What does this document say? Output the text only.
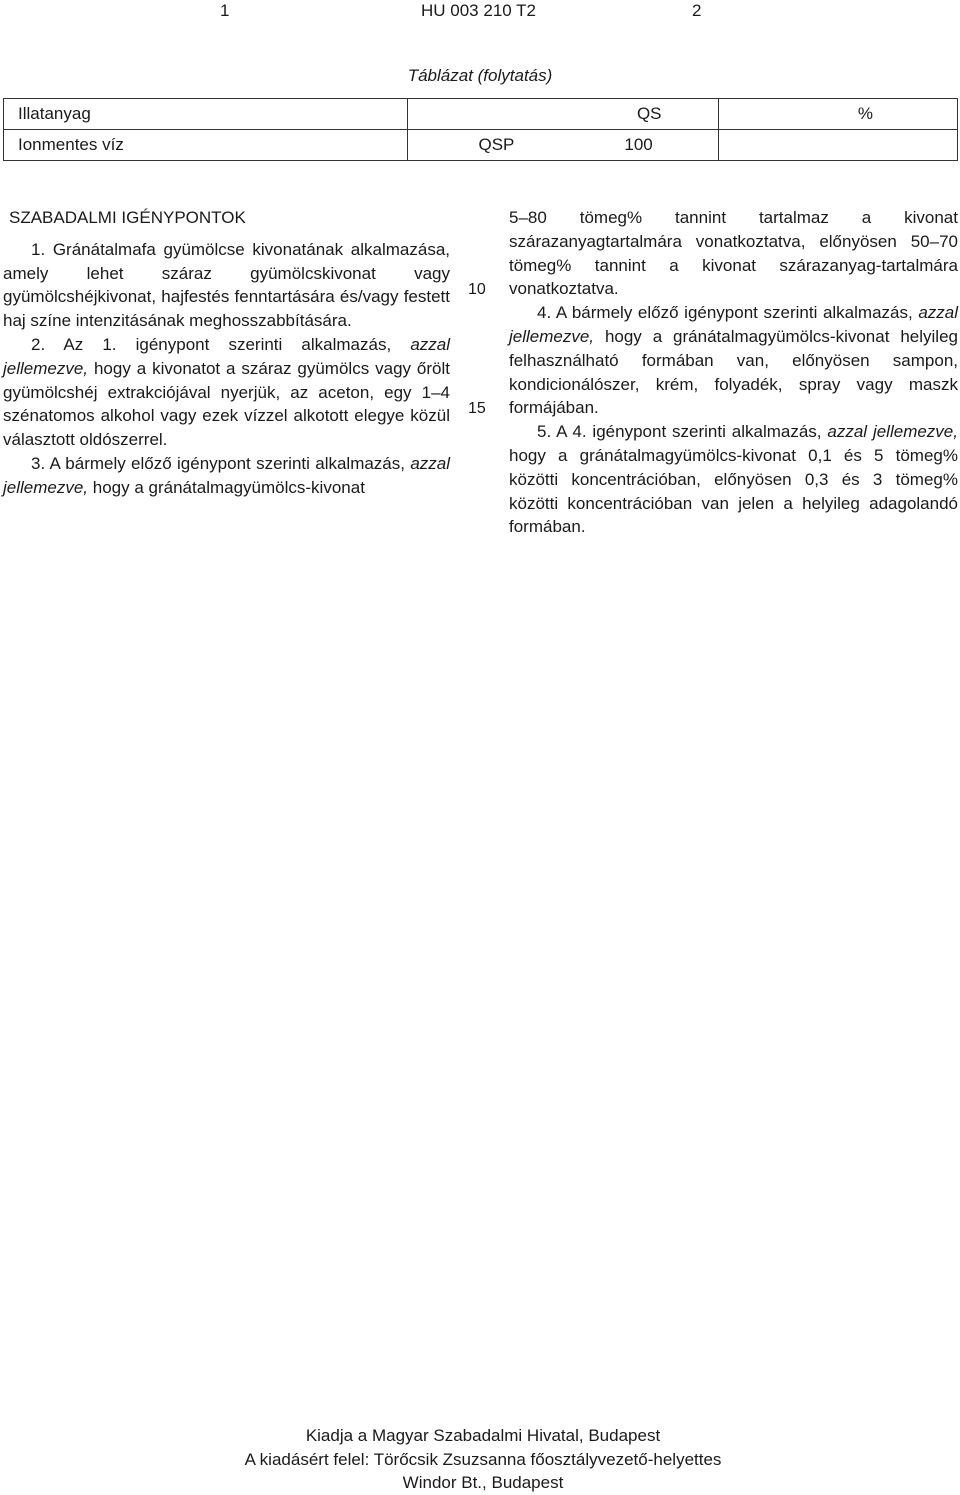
1	HU 003 210 T2	2
Táblázat (folytatás)
Illatanyag	QS	%
Ionmentes víz	QSP 100	

SZABADALMI IGÉNYPONTOK

1. Gránátalmafa gyümölcse kivonatának alkalmazása, amely lehet száraz gyümölcskivonat vagy gyümölcshéjkivonat, hajfestés fenntartására és/vagy festett haj színe intenzitásának meghosszabbítására.

2. Az 1. igénypont szerinti alkalmazás, azzal jellemezve, hogy a kivonatot a száraz gyümölcs vagy őrölt gyümölcshéj extrakciójával nyerjük, az aceton, egy 1–4 szénatomos alkohol vagy ezek vízzel alkotott elegye közül választott oldószerrel.

3. A bármely előző igénypont szerinti alkalmazás, azzal jellemezve, hogy a gránátalmagyümölcs-kivonat

10
15

5–80 tömeg% tannint tartalmaz a kivonat szárazanyagtartalmára vonatkoztatva, előnyösen 50–70 tömeg% tannint a kivonat szárazanyag-tartalmára vonatkoztatva.

4. A bármely előző igénypont szerinti alkalmazás, azzal jellemezve, hogy a gránátalmagyümölcs-kivonat helyileg felhasználható formában van, előnyösen sampon, kondicionálószer, krém, folyadék, spray vagy maszk formájában.

5. A 4. igénypont szerinti alkalmazás, azzal jellemezve, hogy a gránátalmagyümölcs-kivonat 0,1 és 5 tömeg% közötti koncentrációban, előnyösen 0,3 és 3 tömeg% közötti koncentrációban van jelen a helyileg adagolandó formában.

Kiadja a Magyar Szabadalmi Hivatal, Budapest
A kiadásért felel: Törőcsik Zsuzsanna főosztályvezető-helyettes
Windor Bt., Budapest
